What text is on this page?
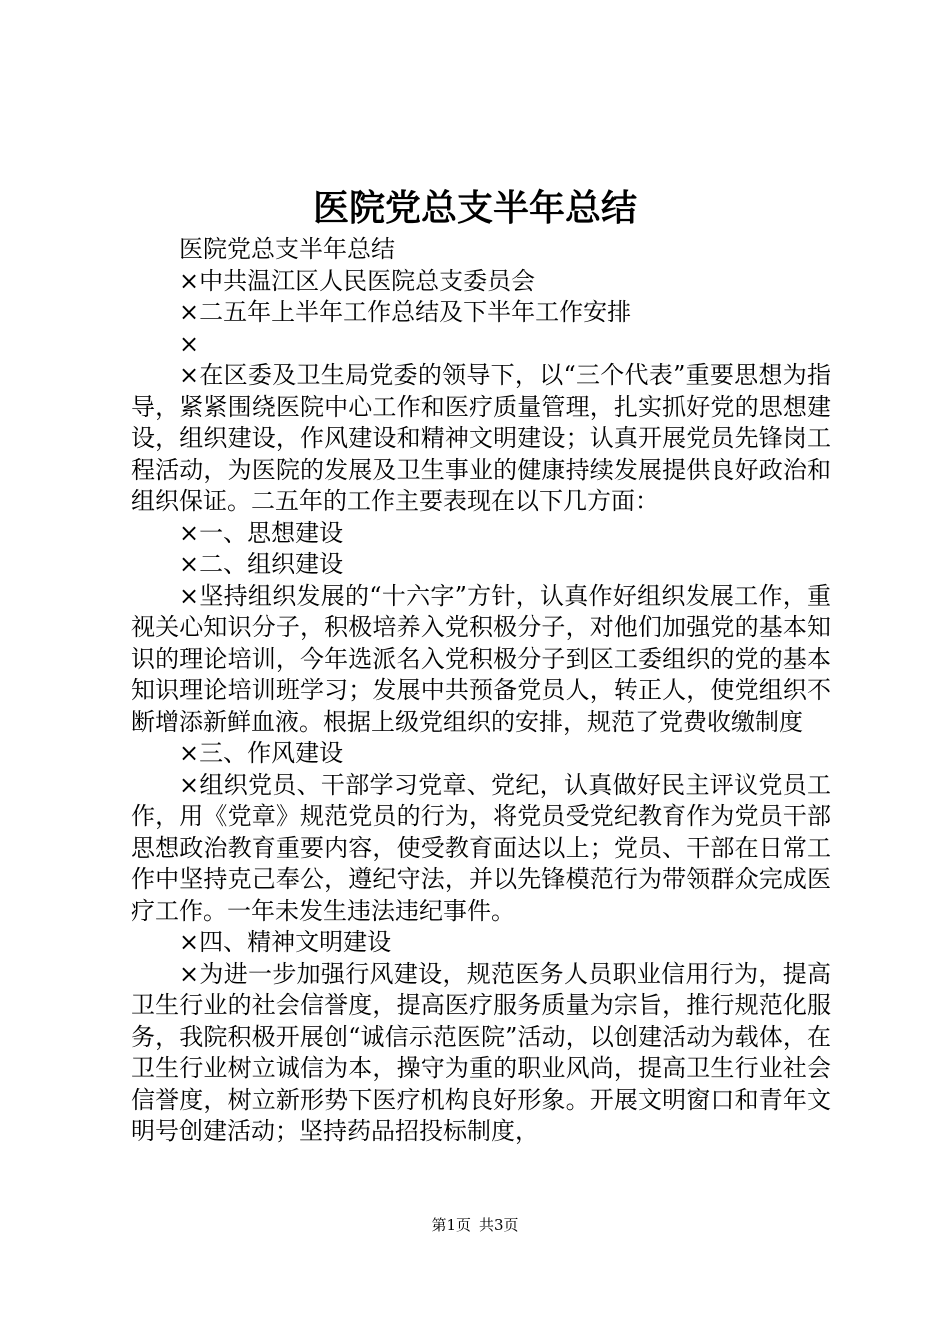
医院党总支半年总结

医院党总支半年总结

×中共温江区人民医院总支委员会

×二五年上半年工作总结及下半年工作安排

×

×在区委及卫生局党委的领导下，以“三个代表”重要思想为指导，紧紧围绕医院中心工作和医疗质量管理，扎实抓好党的思想建设，组织建设，作风建设和精神文明建设；认真开展党员先锋岗工程活动，为医院的发展及卫生事业的健康持续发展提供良好政治和组织保证。二五年的工作主要表现在以下几方面：

×一、思想建设

×二、组织建设

×坚持组织发展的“十六字”方针，认真作好组织发展工作，重视关心知识分子，积极培养入党积极分子，对他们加强党的基本知识的理论培训，今年选派名入党积极分子到区工委组织的党的基本知识理论培训班学习；发展中共预备党员人，转正人，使党组织不断增添新鲜血液。根据上级党组织的安排，规范了党费收缴制度

×三、作风建设

×组织党员、干部学习党章、党纪，认真做好民主评议党员工作，用《党章》规范党员的行为，将党员受党纪教育作为党员干部思想政治教育重要内容，使受教育面达以上；党员、干部在日常工作中坚持克己奉公，遵纪守法，并以先锋模范行为带领群众完成医疗工作。一年未发生违法违纪事件。

×四、精神文明建设

×为进一步加强行风建设，规范医务人员职业信用行为，提高卫生行业的社会信誉度，提高医疗服务质量为宗旨，推行规范化服务，我院积极开展创“诚信示范医院”活动，以创建活动为载体，在卫生行业树立诚信为本，操守为重的职业风尚，提高卫生行业社会信誉度，树立新形势下医疗机构良好形象。开展文明窗口和青年文明号创建活动；坚持药品招投标制度，

第1页 共3页
